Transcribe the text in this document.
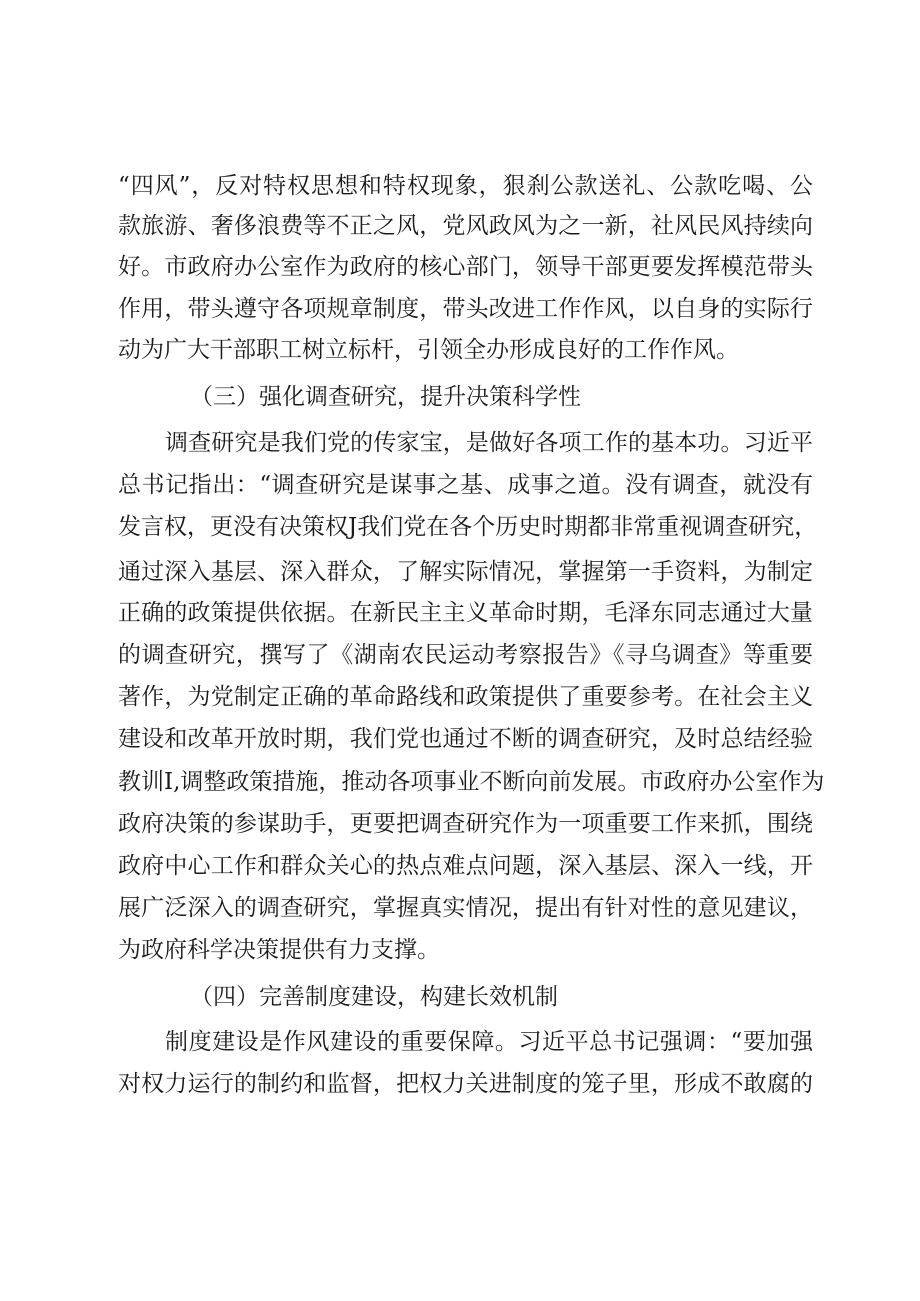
“四风”，反对特权思想和特权现象，狠刹公款送礼、公款吃喝、公
款旅游、奢侈浪费等不正之风，党风政风为之一新，社风民风持续向
好。市政府办公室作为政府的核心部门，领导干部更要发挥模范带头
作用，带头遵守各项规章制度，带头改进工作作风，以自身的实际行
动为广大干部职工树立标杆，引领全办形成良好的工作作风。
（三）强化调查研究，提升决策科学性
调查研究是我们党的传家宝，是做好各项工作的基本功。习近平
总书记指出：“调查研究是谋事之基、成事之道。没有调查，就没有
发言权，更没有决策权J我们党在各个历史时期都非常重视调查研究，
通过深入基层、深入群众，了解实际情况，掌握第一手资料，为制定
正确的政策提供依据。在新民主主义革命时期，毛泽东同志通过大量
的调查研究，撰写了《湖南农民运动考察报告》《寻乌调查》等重要
著作，为党制定正确的革命路线和政策提供了重要参考。在社会主义
建设和改革开放时期，我们党也通过不断的调查研究，及时总结经验
教训I,调整政策措施，推动各项事业不断向前发展。市政府办公室作为
政府决策的参谋助手，更要把调查研究作为一项重要工作来抓，围绕
政府中心工作和群众关心的热点难点问题，深入基层、深入一线，开
展广泛深入的调查研究，掌握真实情况，提出有针对性的意见建议，
为政府科学决策提供有力支撑。
（四）完善制度建设，构建长效机制
制度建设是作风建设的重要保障。习近平总书记强调：“要加强
对权力运行的制约和监督，把权力关进制度的笼子里，形成不敢腐的
